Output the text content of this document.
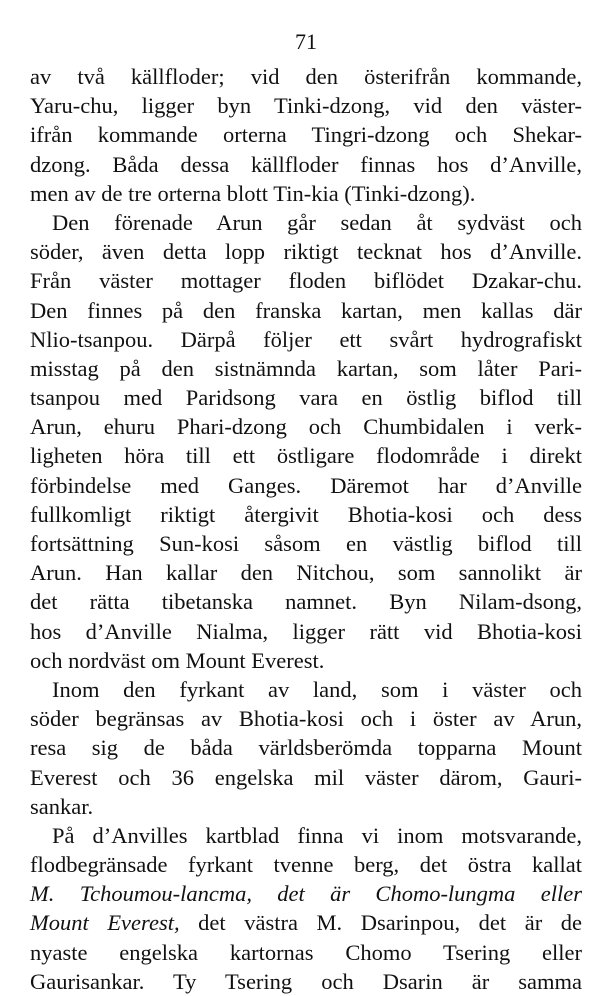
71
av två källfloder; vid den österifrån kommande,
Yaru-chu, ligger byn Tinki-dzong, vid den väster-
ifrån kommande orterna Tingri-dzong och Shekar-
dzong. Båda dessa källfloder finnas hos d’Anville,
men av de tre orterna blott Tin-kia (Tinki-dzong).
Den förenade Arun går sedan åt sydväst och
söder, även detta lopp riktigt tecknat hos d’Anville.
Från väster mottager floden biflödet Dzakar-chu.
Den finnes på den franska kartan, men kallas där
Nlio-tsanpou. Därpå följer ett svårt hydrografiskt
misstag på den sistnämnda kartan, som låter Pari-
tsanpou med Paridsong vara en östlig biflod till
Arun, ehuru Phari-dzong och Chumbidalen i verk-
ligheten höra till ett östligare flodområde i direkt
förbindelse med Ganges. Däremot har d’Anville
fullkomligt riktigt återgivit Bhotia-kosi och dess
fortsättning Sun-kosi såsom en västlig biflod till
Arun. Han kallar den Nitchou, som sannolikt är
det rätta tibetanska namnet. Byn Nilam-dsong,
hos d’Anville Nialma, ligger rätt vid Bhotia-kosi
och nordväst om Mount Everest.
Inom den fyrkant av land, som i väster och
söder begränsas av Bhotia-kosi och i öster av Arun,
resa sig de båda världsberömda topparna Mount
Everest och 36 engelska mil väster därom, Gauri-
sankar.
På d’Anvilles kartblad finna vi inom motsvarande,
flodbegränsade fyrkant tvenne berg, det östra kallat
M. Tchoumou-lancma, det är Chomo-lungma eller
Mount Everest, det västra M. Dsarinpou, det är de
nyaste engelska kartornas Chomo Tsering eller
Gaurisankar. Ty Tsering och Dsarin är samma
